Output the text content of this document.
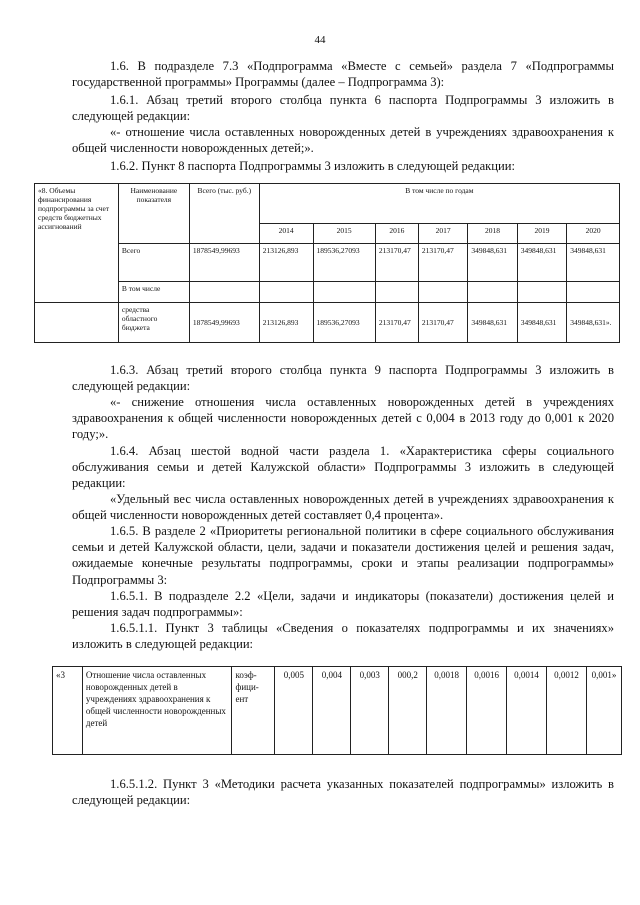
44

1.6. В подразделе 7.3 «Подпрограмма «Вместе с семьей» раздела 7 «Подпрограммы государственной программы» Программы (далее – Подпрограмма 3):

1.6.1. Абзац третий второго столбца пункта 6 паспорта Подпрограммы 3 изложить в следующей редакции:

«- отношение числа оставленных новорожденных детей в учреждениях здравоохранения к общей численности новорожденных детей;».

1.6.2. Пункт 8 паспорта Подпрограммы 3 изложить в следующей редакции:

«8. Объемы финансирования подпрограммы за счет средств бюджетных ассигнований	Наименование показателя	Всего (тыс. руб.)	В том числе по годам						
			2014	2015	2016	2017	2018	2019	2020
	Всего	1878549,99693	213126,893	189536,27093	213170,47	213170,47	349848,631	349848,631	349848,631
	В том числе								
	средства областного бюджета	1878549,99693	213126,893	189536,27093	213170,47	213170,47	349848,631	349848,631	349848,631».

1.6.3. Абзац третий второго столбца пункта 9 паспорта Подпрограммы 3 изложить в следующей редакции:

«- снижение отношения числа оставленных новорожденных детей в учреждениях здравоохранения к общей численности новорожденных детей с 0,004 в 2013 году до 0,001 к 2020 году;».

1.6.4. Абзац шестой водной части раздела 1. «Характеристика сферы социального обслуживания семьи и детей Калужской области» Подпрограммы 3 изложить в следующей редакции:

«Удельный вес числа оставленных новорожденных детей в учреждениях здравоохранения к общей численности новорожденных детей составляет 0,4 процента».

1.6.5. В разделе 2 «Приоритеты региональной политики в сфере социального обслуживания семьи и детей Калужской области, цели, задачи и показатели достижения целей и решения задач, ожидаемые конечные результаты подпрограммы, сроки и этапы реализации подпрограммы» Подпрограммы 3:

1.6.5.1. В подразделе 2.2 «Цели, задачи и индикаторы (показатели) достижения целей и решения задач подпрограммы»:

1.6.5.1.1. Пункт 3 таблицы «Сведения о показателях подпрограммы и их значениях» изложить в следующей редакции:

«3	Отношение числа оставленных новорожденных детей в учреждениях здравоохранения к общей численности новорожденных детей	коэф-фици-ент	0,005	0,004	0,003	000,2	0,0018	0,0016	0,0014	0,0012	0,001»

1.6.5.1.2. Пункт 3 «Методики расчета указанных показателей подпрограммы» изложить в следующей редакции:
